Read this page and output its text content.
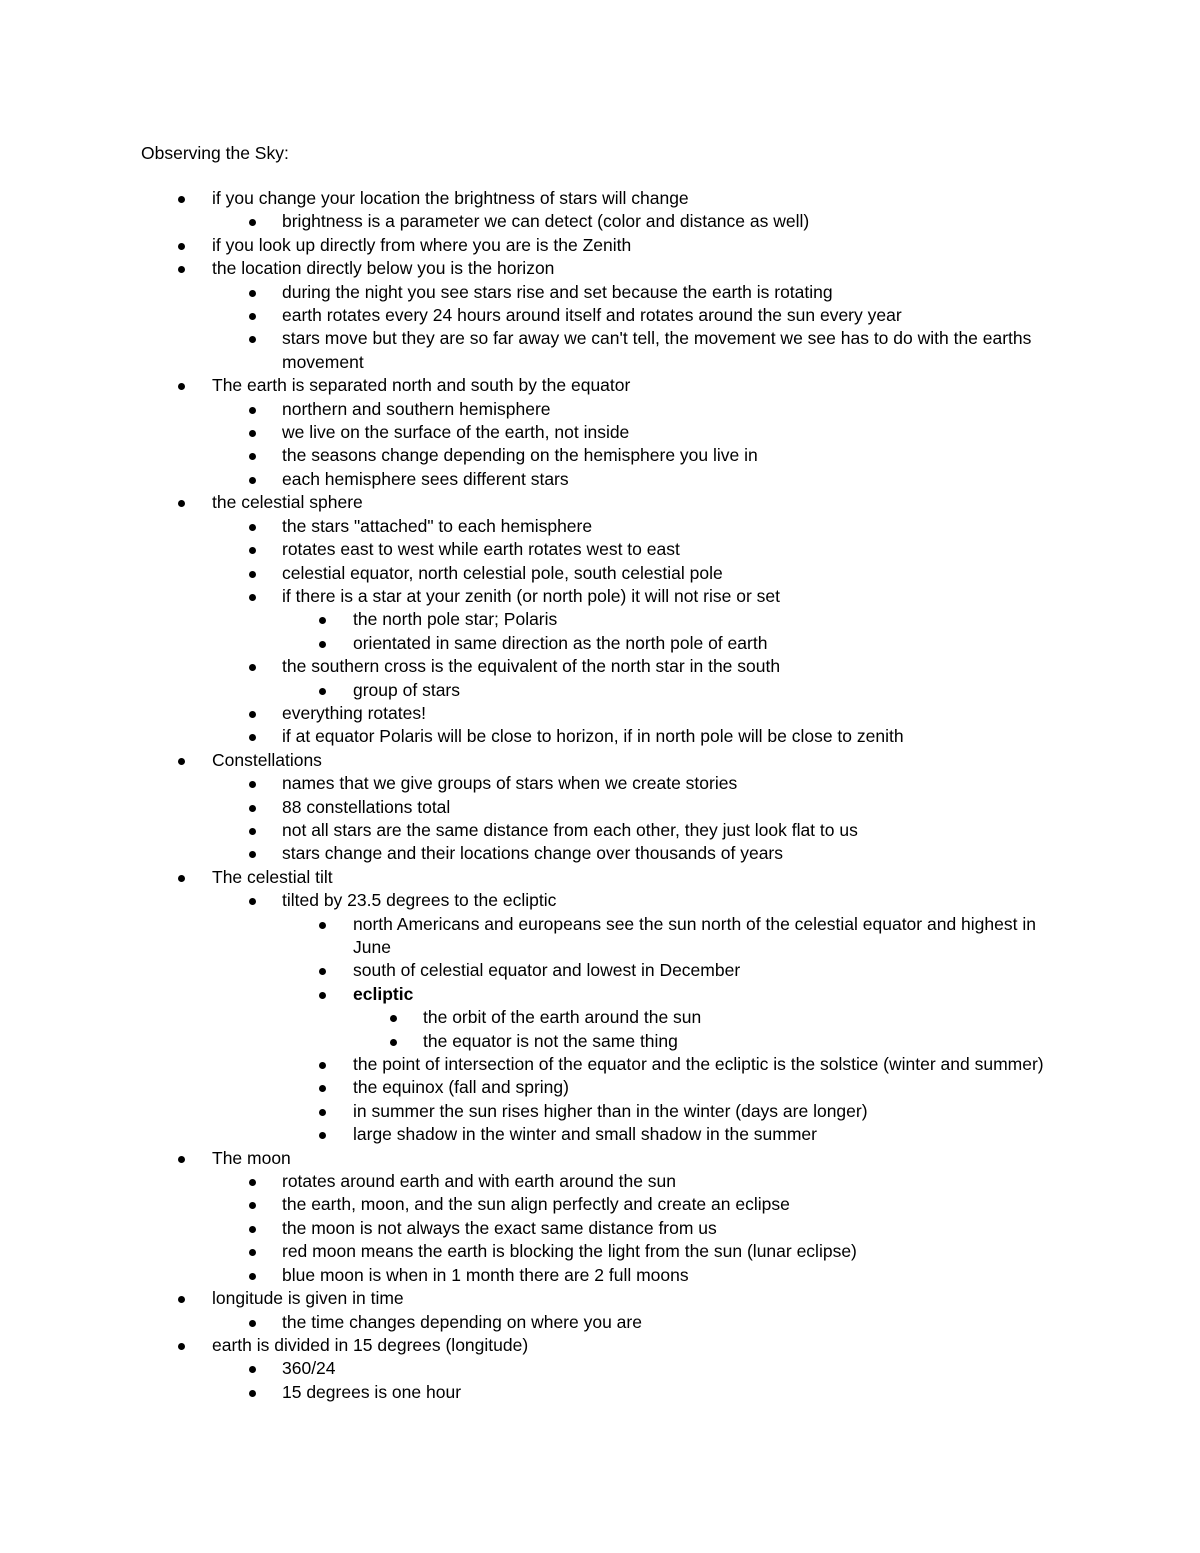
Observing the Sky:
if you change your location the brightness of stars will change
brightness is a parameter we can detect (color and distance as well)
if you look up directly from where you are is the Zenith
the location directly below you is the horizon
during the night you see stars rise and set because the earth is rotating
earth rotates every 24 hours around itself and rotates around the sun every year
stars move but they are so far away we can't tell, the movement we see has to do with the earths movement
The earth is separated north and south by the equator
northern and southern hemisphere
we live on the surface of the earth, not inside
the seasons change depending on the hemisphere you live in
each hemisphere sees different stars
the celestial sphere
the stars "attached" to each hemisphere
rotates east to west while earth rotates west to east
celestial equator, north celestial pole, south celestial pole
if there is a star at your zenith (or north pole) it will not rise or set
the north pole star; Polaris
orientated in same direction as the north pole of earth
the southern cross is the equivalent of the north star in the south
group of stars
everything rotates!
if at equator Polaris will be close to horizon, if in north pole will be close to zenith
Constellations
names that we give groups of stars when we create stories
88 constellations total
not all stars are the same distance from each other, they just look flat to us
stars change and their locations change over thousands of years
The celestial tilt
tilted by 23.5 degrees to the ecliptic
north Americans and europeans see the sun north of the celestial equator and highest in June
south of celestial equator and lowest in December
ecliptic
the orbit of the earth around the sun
the equator is not the same thing
the point of intersection of the equator and the ecliptic is the solstice (winter and summer)
the equinox (fall and spring)
in summer the sun rises higher than in the winter (days are longer)
large shadow in the winter and small shadow in the summer
The moon
rotates around earth and with earth around the sun
the earth, moon, and the sun align perfectly and create an eclipse
the moon is not always the exact same distance from us
red moon means the earth is blocking the light from the sun (lunar eclipse)
blue moon is when in 1 month there are 2 full moons
longitude is given in time
the time changes depending on where you are
earth is divided in 15 degrees (longitude)
360/24
15 degrees is one hour
